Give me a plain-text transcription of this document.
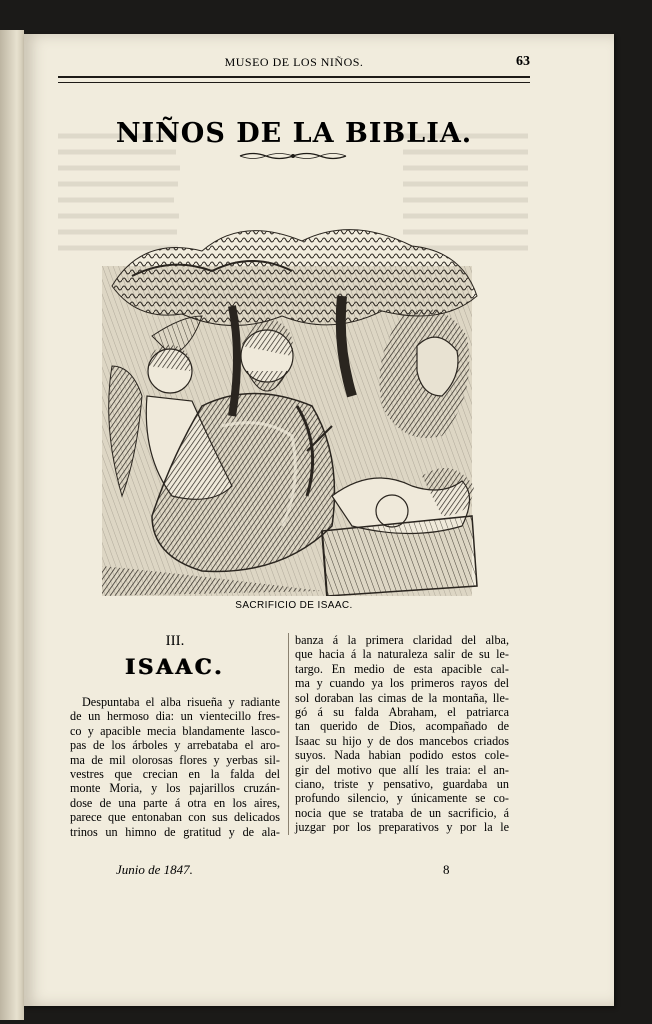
MUSEO DE LOS NIÑOS.	63
NIÑOS DE LA BIBLIA.
SACRIFICIO DE ISAAC.
III.
ISAAC.
Despuntaba el alba risueña y radiante
de un hermoso dia: un vientecillo fres-
co y apacible mecia blandamente lasco-
pas de los árboles y arrebataba el aro-
ma de mil olorosas flores y yerbas sil-
vestres que crecian en la falda del
monte Moria, y los pajarillos cruzán-
dose de una parte á otra en los aires,
parece que entonaban con sus delicados
trinos un himno de gratitud y de ala-
banza á la primera claridad del alba,
que hacia á la naturaleza salir de su le-
targo. En medio de esta apacible cal-
ma y cuando ya los primeros rayos del
sol doraban las cimas de la montaña, lle-
gó á su falda Abraham, el patriarca
tan querido de Dios, acompañado de
Isaac su hijo y de dos mancebos criados
suyos. Nada habian podido estos cole-
gir del motivo que allí les traia: el an-
ciano, triste y pensativo, guardaba un
profundo silencio, y únicamente se co-
nocia que se trataba de un sacrificio, á
juzgar por los preparativos y por la le
Junio de 1847.	8
